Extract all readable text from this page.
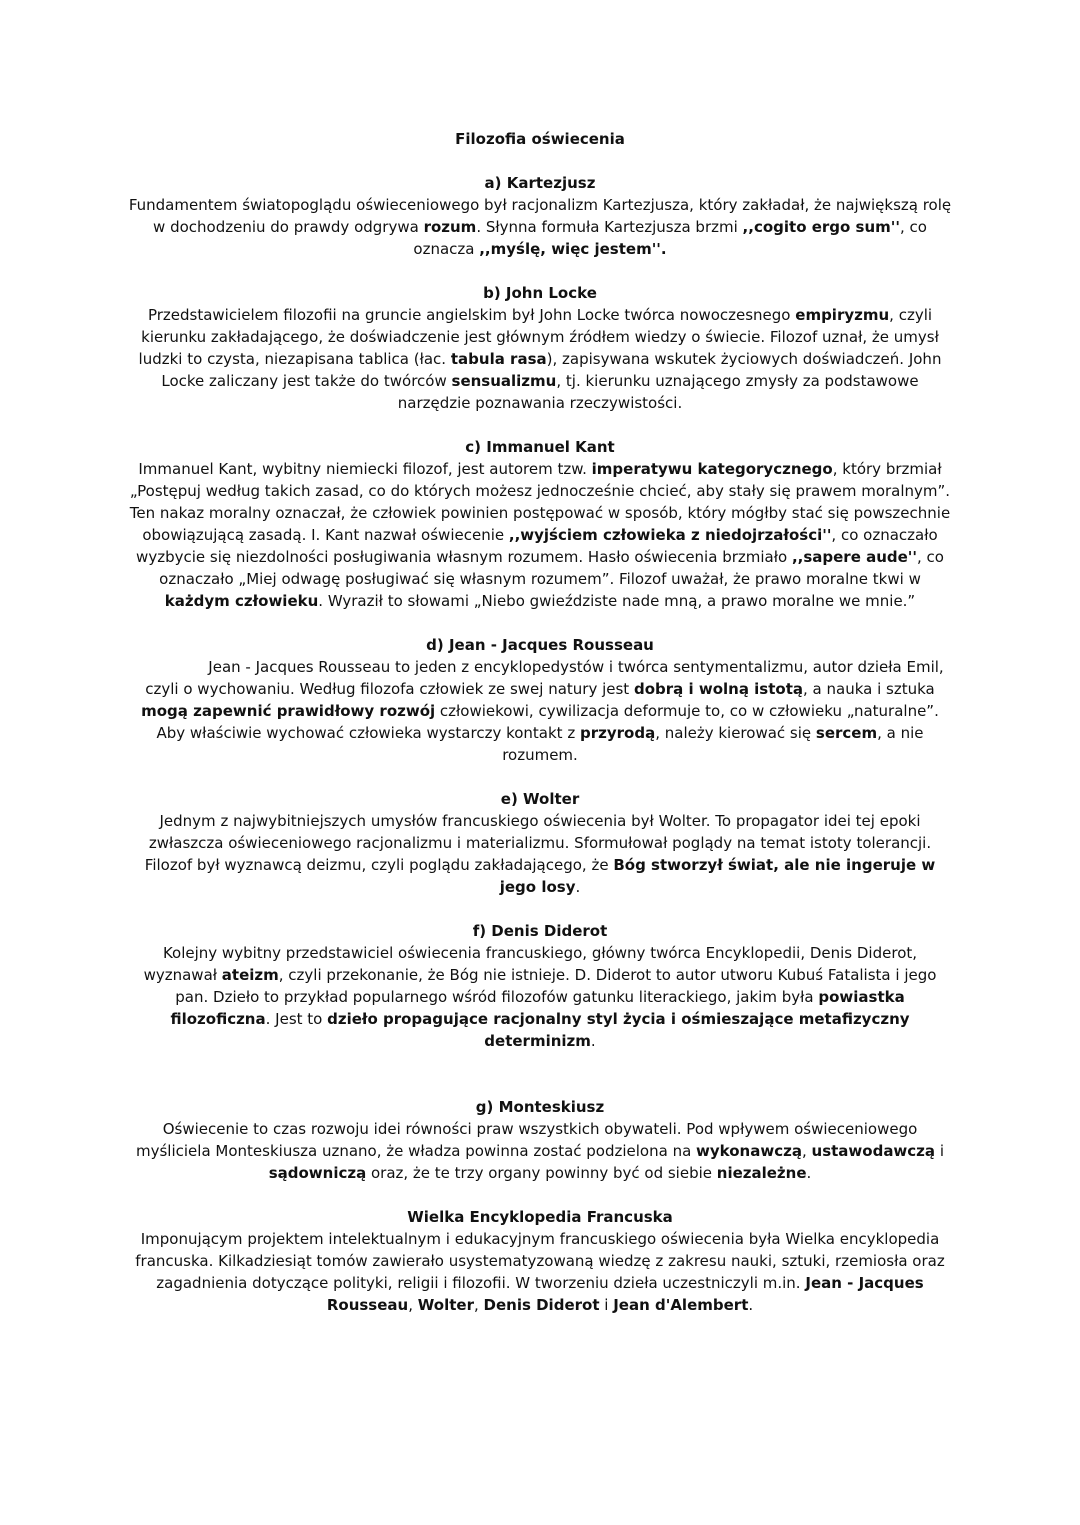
Filozofia oświecenia
a) Kartezjusz

Fundamentem światopoglądu oświeceniowego był racjonalizm Kartezjusza, który zakładał, że największą rolę w dochodzeniu do prawdy odgrywa rozum. Słynna formuła Kartezjusza brzmi ,,cogito ergo sum'', co oznacza ,,myślę, więc jestem''.

b) John Locke

Przedstawicielem filozofii na gruncie angielskim był John Locke twórca nowoczesnego empiryzmu, czyli kierunku zakładającego, że doświadczenie jest głównym źródłem wiedzy o świecie. Filozof uznał, że umysł ludzki to czysta, niezapisana tablica (łac. tabula rasa), zapisywana wskutek życiowych doświadczeń. John Locke zaliczany jest także do twórców sensualizmu, tj. kierunku uznającego zmysły za podstawowe narzędzie poznawania rzeczywistości.

c) Immanuel Kant

Immanuel Kant, wybitny niemiecki filozof, jest autorem tzw. imperatywu kategorycznego, który brzmiał „Postępuj według takich zasad, co do których możesz jednocześnie chcieć, aby stały się prawem moralnym”. Ten nakaz moralny oznaczał, że człowiek powinien postępować w sposób, który mógłby stać się powszechnie obowiązującą zasadą. I. Kant nazwał oświecenie ,,wyjściem człowieka z niedojrzałości'', co oznaczało wyzbycie się niezdolności posługiwania własnym rozumem. Hasło oświecenia brzmiało ,,sapere aude'', co oznaczało „Miej odwagę posługiwać się własnym rozumem”. Filozof uważał, że prawo moralne tkwi w każdym człowieku. Wyraził to słowami „Niebo gwieździste nade mną, a prawo moralne we mnie.”

d) Jean - Jacques Rousseau

Jean - Jacques Rousseau to jeden z encyklopedystów i twórca sentymentalizmu, autor dzieła Emil, czyli o wychowaniu. Według filozofa człowiek ze swej natury jest dobrą i wolną istotą, a nauka i sztuka mogą zapewnić prawidłowy rozwój człowiekowi, cywilizacja deformuje to, co w człowieku „naturalne”. Aby właściwie wychować człowieka wystarczy kontakt z przyrodą, należy kierować się sercem, a nie rozumem.

e) Wolter

Jednym z najwybitniejszych umysłów francuskiego oświecenia był Wolter. To propagator idei tej epoki zwłaszcza oświeceniowego racjonalizmu i materializmu. Sformułował poglądy na temat istoty tolerancji. Filozof był wyznawcą deizmu, czyli poglądu zakładającego, że Bóg stworzył świat, ale nie ingeruje w jego losy.

f) Denis Diderot

Kolejny wybitny przedstawiciel oświecenia francuskiego, główny twórca Encyklopedii, Denis Diderot, wyznawał ateizm, czyli przekonanie, że Bóg nie istnieje. D. Diderot to autor utworu Kubuś Fatalista i jego pan. Dzieło to przykład popularnego wśród filozofów gatunku literackiego, jakim była powiastka filozoficzna. Jest to dzieło propagujące racjonalny styl życia i ośmieszające metafizyczny determinizm.

g) Monteskiusz

Oświecenie to czas rozwoju idei równości praw wszystkich obywateli. Pod wpływem oświeceniowego myśliciela Monteskiusza uznano, że władza powinna zostać podzielona na wykonawczą, ustawodawczą i sądowniczą oraz, że te trzy organy powinny być od siebie niezależne.

Wielka Encyklopedia Francuska

Imponującym projektem intelektualnym i edukacyjnym francuskiego oświecenia była Wielka encyklopedia francuska. Kilkadziesiąt tomów zawierało usystematyzowaną wiedzę z zakresu nauki, sztuki, rzemiosła oraz zagadnienia dotyczące polityki, religii i filozofii. W tworzeniu dzieła uczestniczyli m.in. Jean - Jacques Rousseau, Wolter, Denis Diderot i Jean d'Alembert.
